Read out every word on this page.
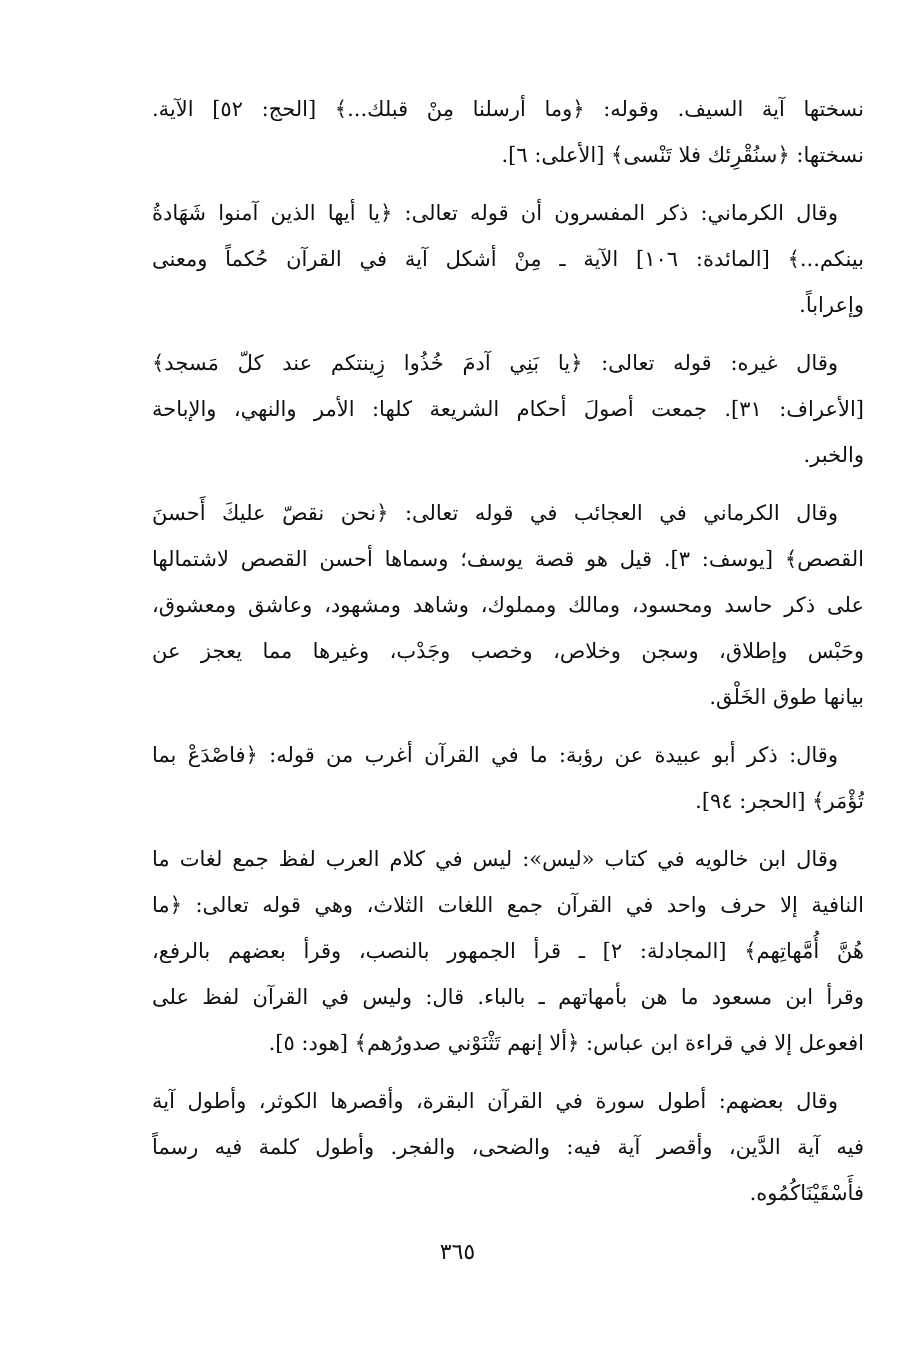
نسختها آية السيف. وقوله: ﴿وما أرسلنا مِنْ قبلك...﴾ [الحج: ٥٢] الآية.
نسختها: ﴿سنُقْرِئك فلا تَنْسى﴾ [الأعلى: ٦].

وقال الكرماني: ذكر المفسرون أن قوله تعالى: ﴿يا أيها الذين آمنوا شَهَادةُ
بينكم...﴾ [المائدة: ١٠٦] الآية ـ مِنْ أشكل آية في القرآن حُكماً ومعنى
وإعراباً.

وقال غيره: قوله تعالى: ﴿يا بَنِي آدمَ خُذُوا زِينتكم عند كلّ مَسجد﴾
[الأعراف: ٣١]. جمعت أصولَ أحكام الشريعة كلها: الأمر والنهي، والإباحة
والخبر.

وقال الكرماني في العجائب في قوله تعالى: ﴿نحن نقصّ عليكَ أَحسنَ
القصص﴾ [يوسف: ٣]. قيل هو قصة يوسف؛ وسماها أحسن القصص لاشتمالها
على ذكر حاسد ومحسود، ومالك ومملوك، وشاهد ومشهود، وعاشق ومعشوق،
وحَبْس وإطلاق، وسجن وخلاص، وخصب وجَدْب، وغيرها مما يعجز عن
بيانها طوق الخَلْق.

وقال: ذكر أبو عبيدة عن رؤبة: ما في القرآن أغرب من قوله: ﴿فاصْدَعْ بما
تُؤْمَر﴾ [الحجر: ٩٤].

وقال ابن خالويه في كتاب «ليس»: ليس في كلام العرب لفظ جمع لغات ما
النافية إلا حرف واحد في القرآن جمع اللغات الثلاث، وهي قوله تعالى: ﴿ما
هُنَّ أُمَّهاتِهم﴾ [المجادلة: ٢] ـ قرأ الجمهور بالنصب، وقرأ بعضهم بالرفع،
وقرأ ابن مسعود ما هن بأمهاتهم ـ بالباء. قال: وليس في القرآن لفظ على
افعوعل إلا في قراءة ابن عباس: ﴿ألا إنهم تَثْنَوْني صدورُهم﴾ [هود: ٥].

وقال بعضهم: أطول سورة في القرآن البقرة، وأقصرها الكوثر، وأطول آية
فيه آية الدَّين، وأقصر آية فيه: والضحى، والفجر. وأطول كلمة فيه رسماً
فأَسْقَيْنَاكُمُوه.

٣٦٥
